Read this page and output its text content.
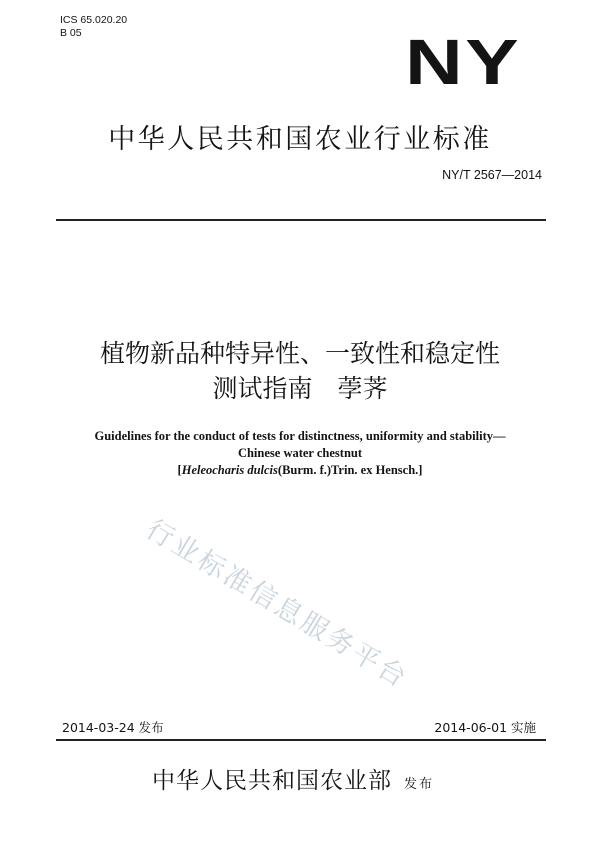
ICS 65.020.20
B 05	NY
中华人民共和国农业行业标准
NY/T 2567—2014
植物新品种特异性、一致性和稳定性
测试指南　荸荠
Guidelines for the conduct of tests for distinctness, uniformity and stability—
Chinese water chestnut
[Heleocharis dulcis(Burm. f.)Trin. ex Hensch.]
行业标准信息服务平台
2014-03-24 发布	2014-06-01 实施
中华人民共和国农业部 发布
